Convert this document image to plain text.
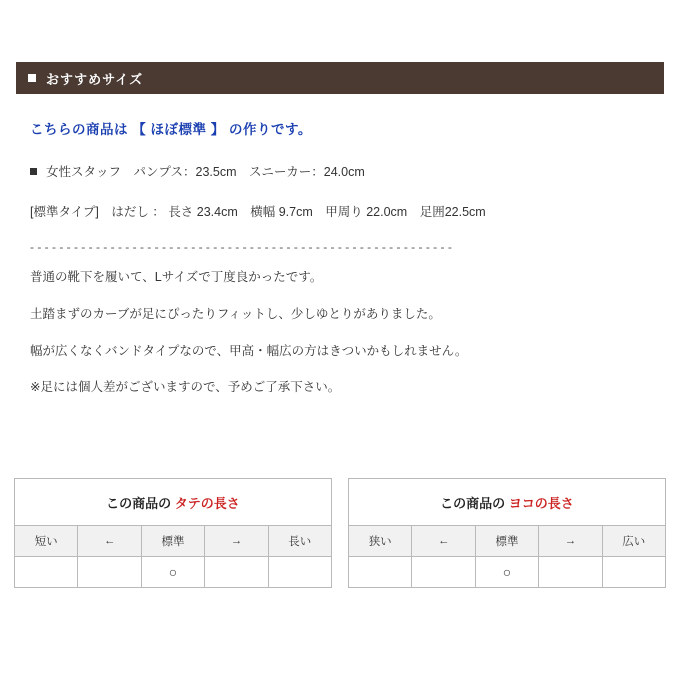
おすすめサイズ
こちらの商品は 【 ほぼ標準 】 の作りです。
女性スタッフ　パンプス：23.5cm　スニーカー：24.0cm
[標準タイプ]　はだし ： 長さ 23.4cm　横幅 9.7cm　甲周り 22.0cm　足囲22.5cm
- - - - - - - - - - - - - - - - - - - - - - - - - - - - - - - - - - - - - - - - - - - - - - - - - - - - - - - - - -
普通の靴下を履いて、Lサイズで丁度良かったです。
土踏まずのカーブが足にぴったりフィットし、少しゆとりがありました。
幅が広くなくバンドタイプなので、甲高・幅広の方はきついかもしれません。
※足には個人差がございますので、予めご了承下さい。
この商品の タテの長さ				
短い	←	標準	→	長い
		○		
この商品の ヨコの長さ				
狭い	←	標準	→	広い
		○		
